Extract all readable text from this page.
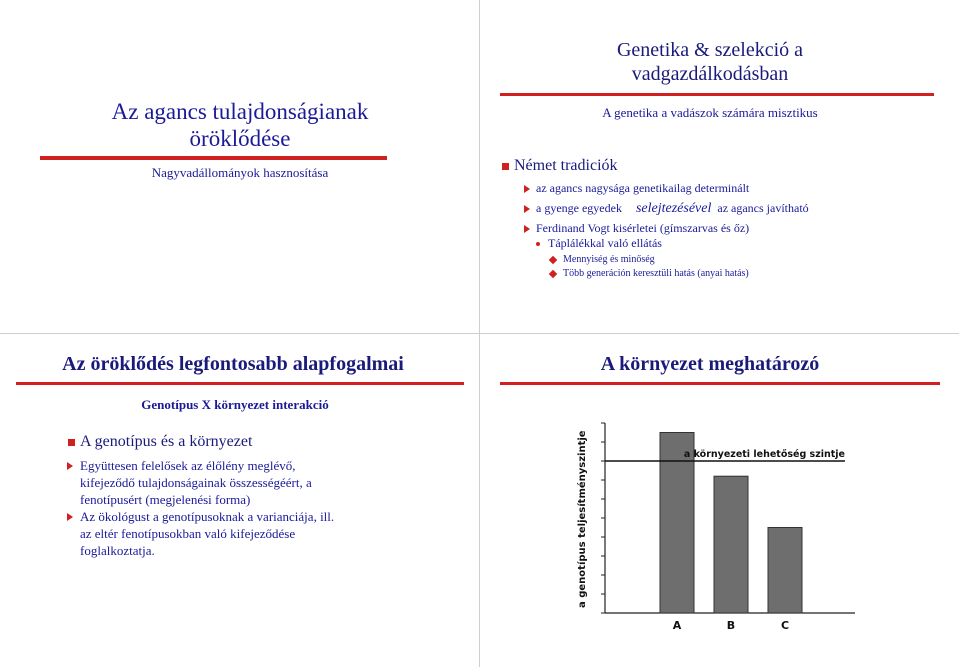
Az agancs tulajdonságianak
öröklődése
Nagyvadállományok hasznosítása
Genetika & szelekció a
vadgazdálkodásban
A genetika a vadászok számára misztikus
Német tradiciók
az agancs nagysága genetikailag determinált
a gyenge egyedek selejtezésével az agancs javítható
Ferdinand Vogt kisérletei (gímszarvas és őz)
Táplálékkal való ellátás
Mennyiség és minőség
Több generáción keresztüli hatás (anyai hatás)
Az öröklődés legfontosabb alapfogalmai
Genotípus X környezet interakció
A genotípus és a környezet
Együttesen felelősek az élőlény meglévő,
kifejeződő tulajdonságainak összességéért, a
fenotípusért (megjelenési forma)
Az ökológust a genotípusoknak a varianciája, ill.
az eltér fenotípusokban való kifejeződése
foglalkoztatja.
A környezet meghatározó
a genotípus teljesítményszintje
A	B	C
a környezeti lehetőség szintje
